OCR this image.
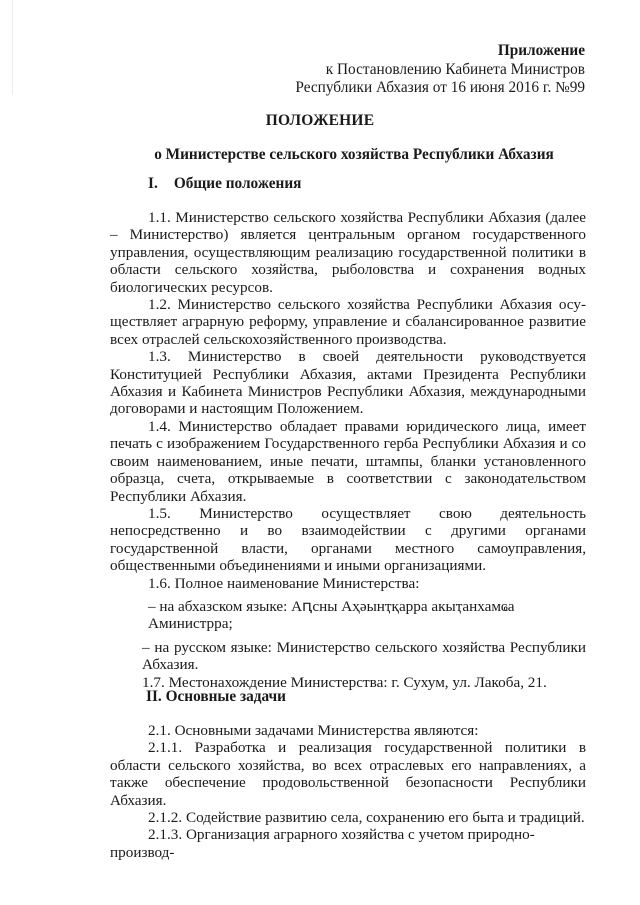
Приложение
к Постановлению Кабинета Министров
Республики Абхазия от 16 июня 2016 г. №99
ПОЛОЖЕНИЕ
о Министерстве сельского хозяйства Республики Абхазия
I. Общие положения

1.1. Министерство сельского хозяйства Республики Абхазия (далее – Министерство) является центральным органом государственного управления, осуществляющим реализацию государственной политики в области сельского хозяйства, рыболовства и сохранения водных биологических ресурсов.

1.2. Министерство сельского хозяйства Республики Абхазия осуществляет аграрную реформу, управление и сбалансированное развитие всех отраслей сельскохозяйственного производства.

1.3. Министерство в своей деятельности руководствуется Конституцией Республики Абхазия, актами Президента Республики Абхазия и Кабинета Министров Республики Абхазия, международными договорами и настоящим Положением.

1.4. Министерство обладает правами юридического лица, имеет печать с изображением Государственного герба Республики Абхазия и со своим наименованием, иные печати, штампы, бланки установленного образца, счета, открываемые в соответствии с законодательством Республики Абхазия.

1.5. Министерство осуществляет свою деятельность непосредственно и во взаимодействии с другими органами государственной власти, органами местного самоуправления, общественными объединениями и иными организациями.

1.6. Полное наименование Министерства:

– на абхазском языке: Аԥсны Аҳәынҭқарра акыҭанхамҩа Аминистрра;

– на русском языке: Министерство сельского хозяйства Республики Абхазия.

1.7. Местонахождение Министерства: г. Сухум, ул. Лакоба, 21.

II. Основные задачи

2.1. Основными задачами Министерства являются:

2.1.1. Разработка и реализация государственной политики в области сельского хозяйства, во всех отраслевых его направлениях, а также обеспечение продовольственной безопасности Республики Абхазия.

2.1.2. Содействие развитию села, сохранению его быта и традиций.

2.1.3. Организация аграрного хозяйства с учетом природно-производ-
